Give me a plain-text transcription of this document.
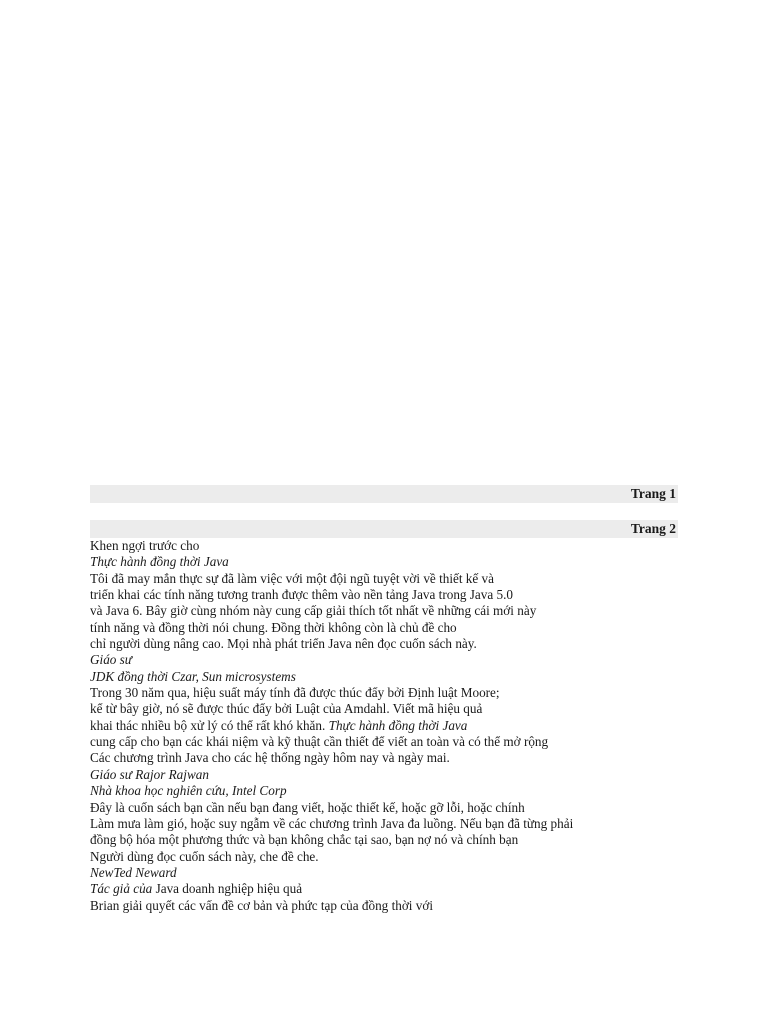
Trang 1
Trang 2
Khen ngợi trước cho
Thực hành đồng thời Java
Tôi đã may mắn thực sự đã làm việc với một đội ngũ tuyệt vời về thiết kế và
triển khai các tính năng tương tranh được thêm vào nền tảng Java trong Java 5.0
và Java 6. Bây giờ cùng nhóm này cung cấp giải thích tốt nhất về những cái mới này
tính năng và đồng thời nói chung. Đồng thời không còn là chủ đề cho
chỉ người dùng nâng cao. Mọi nhà phát triển Java nên đọc cuốn sách này.
Giáo sư
JDK đồng thời Czar, Sun microsystems
Trong 30 năm qua, hiệu suất máy tính đã được thúc đẩy bởi Định luật Moore;
kể từ bây giờ, nó sẽ được thúc đẩy bởi Luật của Amdahl. Viết mã hiệu quả
khai thác nhiều bộ xử lý có thể rất khó khăn. Thực hành đồng thời Java
cung cấp cho bạn các khái niệm và kỹ thuật cần thiết để viết an toàn và có thể mở rộng
Các chương trình Java cho các hệ thống ngày hôm nay và ngày mai.
Giáo sư Rajor Rajwan
Nhà khoa học nghiên cứu, Intel Corp
Đây là cuốn sách bạn cần nếu bạn đang viết, hoặc thiết kế, hoặc gỡ lỗi, hoặc chính
Làm mưa làm gió, hoặc suy ngẫm về các chương trình Java đa luồng. Nếu bạn đã từng phải
đồng bộ hóa một phương thức và bạn không chắc tại sao, bạn nợ nó và chính bạn
Người dùng đọc cuốn sách này, che đề che.
NewTed Neward
Tác giả của Java doanh nghiệp hiệu quả
Brian giải quyết các vấn đề cơ bản và phức tạp của đồng thời với
